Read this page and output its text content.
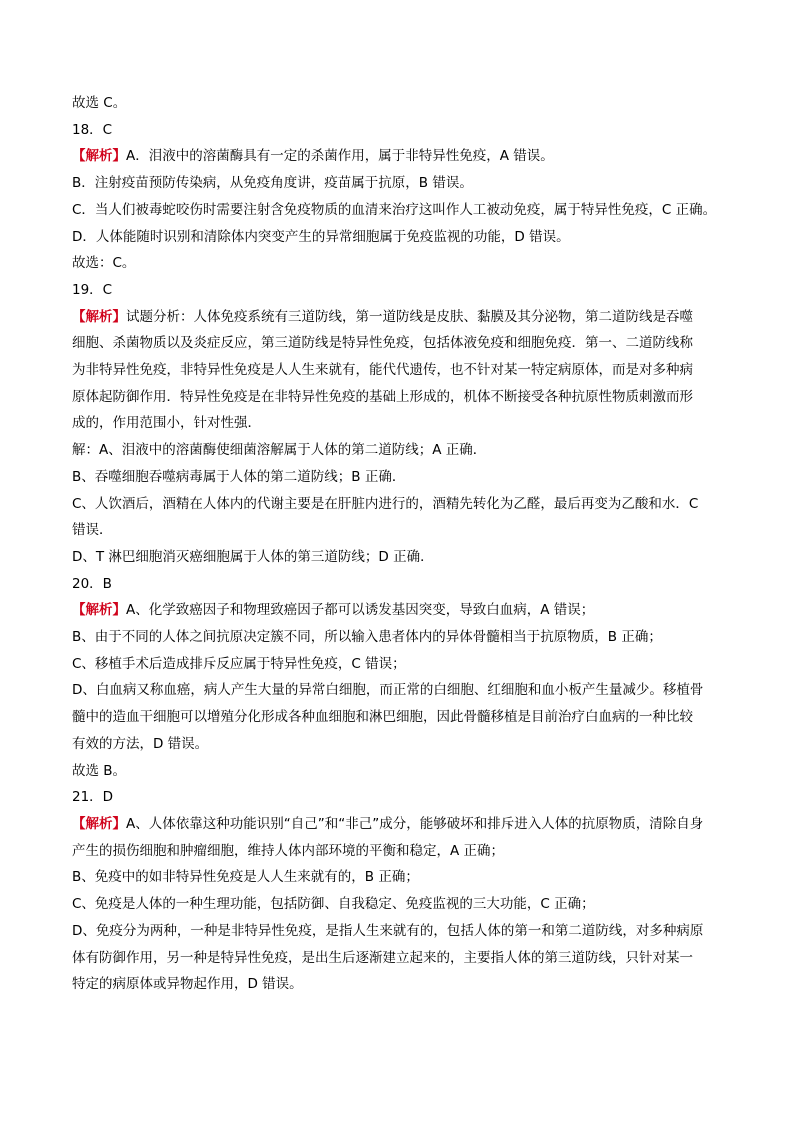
故选 C。
18．C
【解析】A．泪液中的溶菌酶具有一定的杀菌作用，属于非特异性免疫，A 错误。
B．注射疫苗预防传染病，从免疫角度讲，疫苗属于抗原，B 错误。
C．当人们被毒蛇咬伤时需要注射含免疫物质的血清来治疗这叫作人工被动免疫，属于特异性免疫，C 正确。
D．人体能随时识别和清除体内突变产生的异常细胞属于免疫监视的功能，D 错误。
故选：C。
19．C
【解析】试题分析：人体免疫系统有三道防线，第一道防线是皮肤、黏膜及其分泌物，第二道防线是吞噬
细胞、杀菌物质以及炎症反应，第三道防线是特异性免疫，包括体液免疫和细胞免疫．第一、二道防线称
为非特异性免疫，非特异性免疫是人人生来就有，能代代遗传，也不针对某一特定病原体，而是对多种病
原体起防御作用．特异性免疫是在非特异性免疫的基础上形成的，机体不断接受各种抗原性物质刺激而形
成的，作用范围小，针对性强．
解：A、泪液中的溶菌酶使细菌溶解属于人体的第二道防线；A 正确．
B、吞噬细胞吞噬病毒属于人体的第二道防线；B 正确．
C、人饮酒后，酒精在人体内的代谢主要是在肝脏内进行的，酒精先转化为乙醛，最后再变为乙酸和水．C
错误．
D、T 淋巴细胞消灭癌细胞属于人体的第三道防线；D 正确．
20．B
【解析】A、化学致癌因子和物理致癌因子都可以诱发基因突变，导致白血病，A 错误；
B、由于不同的人体之间抗原决定簇不同，所以输入患者体内的异体骨髓相当于抗原物质，B 正确；
C、移植手术后造成排斥反应属于特异性免疫，C 错误；
D、白血病又称血癌，病人产生大量的异常白细胞，而正常的白细胞、红细胞和血小板产生量减少。移植骨
髓中的造血干细胞可以增殖分化形成各种血细胞和淋巴细胞，因此骨髓移植是目前治疗白血病的一种比较
有效的方法，D 错误。
故选 B。
21．D
【解析】A、人体依靠这种功能识别“自己”和“非己”成分，能够破坏和排斥进入人体的抗原物质，清除自身
产生的损伤细胞和肿瘤细胞，维持人体内部环境的平衡和稳定，A 正确；
B、免疫中的如非特异性免疫是人人生来就有的，B 正确；
C、免疫是人体的一种生理功能，包括防御、自我稳定、免疫监视的三大功能，C 正确；
D、免疫分为两种，一种是非特异性免疫，是指人生来就有的，包括人体的第一和第二道防线，对多种病原
体有防御作用，另一种是特异性免疫，是出生后逐渐建立起来的，主要指人体的第三道防线，只针对某一
特定的病原体或异物起作用，D 错误。
